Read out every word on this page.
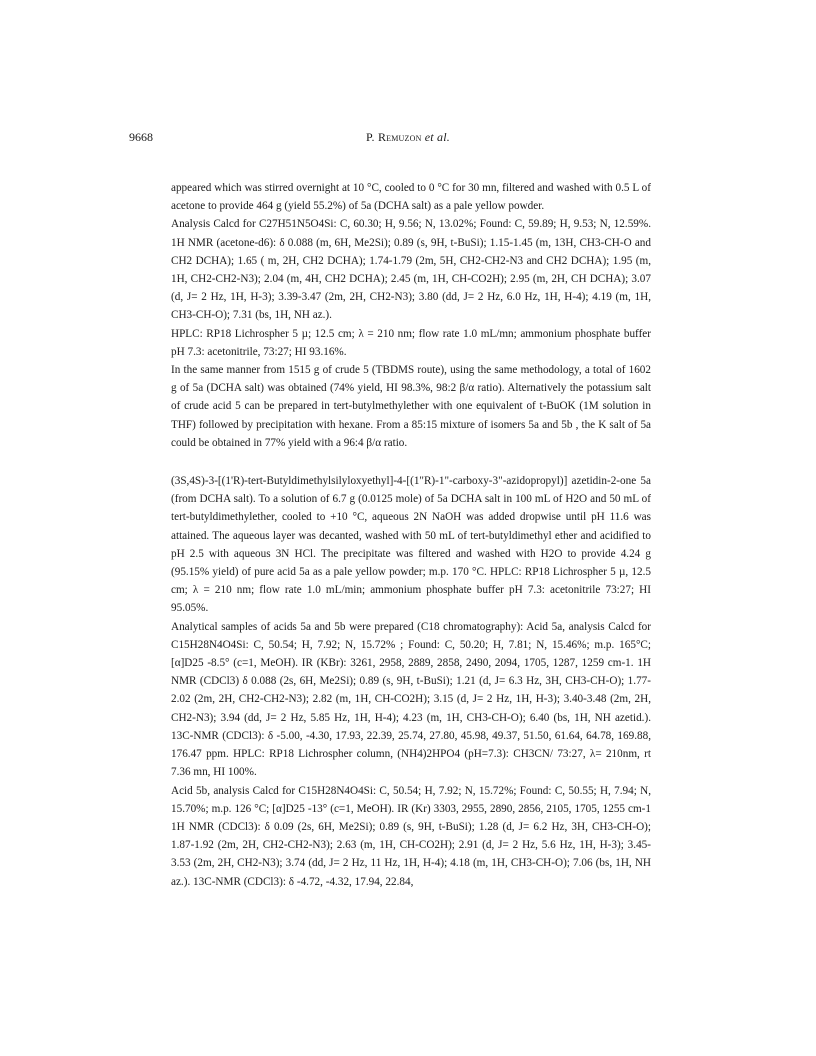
9668	P. Remuzon et al.

appeared which was stirred overnight at 10 °C, cooled to 0 °C for 30 mn, filtered and washed with 0.5 L of acetone to provide 464 g (yield 55.2%) of 5a (DCHA salt) as a pale yellow powder.

Analysis Calcd for C27H51N5O4Si: C, 60.30; H, 9.56; N, 13.02%; Found: C, 59.89; H, 9.53; N, 12.59%. 1H NMR (acetone-d6): δ 0.088 (m, 6H, Me2Si); 0.89 (s, 9H, t-BuSi); 1.15-1.45 (m, 13H, CH3-CH-O and CH2 DCHA); 1.65 ( m, 2H, CH2 DCHA); 1.74-1.79 (2m, 5H, CH2-CH2-N3 and CH2 DCHA); 1.95 (m, 1H, CH2-CH2-N3); 2.04 (m, 4H, CH2 DCHA); 2.45 (m, 1H, CH-CO2H); 2.95 (m, 2H, CH DCHA); 3.07 (d, J= 2 Hz, 1H, H-3); 3.39-3.47 (2m, 2H, CH2-N3); 3.80 (dd, J= 2 Hz, 6.0 Hz, 1H, H-4); 4.19 (m, 1H, CH3-CH-O); 7.31 (bs, 1H, NH az.).

HPLC: RP18 Lichrospher 5 µ; 12.5 cm; λ = 210 nm; flow rate 1.0 mL/mn; ammonium phosphate buffer pH 7.3: acetonitrile, 73:27; HI 93.16%.

In the same manner from 1515 g of crude 5 (TBDMS route), using the same methodology, a total of 1602 g of 5a (DCHA salt) was obtained (74% yield, HI 98.3%, 98:2 β/α ratio). Alternatively the potassium salt of crude acid 5 can be prepared in tert-butylmethylether with one equivalent of t-BuOK (1M solution in THF) followed by precipitation with hexane. From a 85:15 mixture of isomers 5a and 5b , the K salt of 5a could be obtained in 77% yield with a 96:4 β/α ratio.

(3S,4S)-3-[(1'R)-tert-Butyldimethylsilyloxyethyl]-4-[(1"R)-1"-carboxy-3"-azidopropyl)] azetidin-2-one 5a (from DCHA salt). To a solution of 6.7 g (0.0125 mole) of 5a DCHA salt in 100 mL of H2O and 50 mL of tert-butyldimethylether, cooled to +10 °C, aqueous 2N NaOH was added dropwise until pH 11.6 was attained. The aqueous layer was decanted, washed with 50 mL of tert-butyldimethyl ether and acidified to pH 2.5 with aqueous 3N HCl. The precipitate was filtered and washed with H2O to provide 4.24 g (95.15% yield) of pure acid 5a as a pale yellow powder; m.p. 170 °C. HPLC: RP18 Lichrospher 5 µ, 12.5 cm; λ = 210 nm; flow rate 1.0 mL/min; ammonium phosphate buffer pH 7.3: acetonitrile 73:27; HI 95.05%.

Analytical samples of acids 5a and 5b were prepared (C18 chromatography): Acid 5a, analysis Calcd for C15H28N4O4Si: C, 50.54; H, 7.92; N, 15.72% ; Found: C, 50.20; H, 7.81; N, 15.46%; m.p. 165°C; [α]D25 -8.5° (c=1, MeOH). IR (KBr): 3261, 2958, 2889, 2858, 2490, 2094, 1705, 1287, 1259 cm-1. 1H NMR (CDCl3) δ 0.088 (2s, 6H, Me2Si); 0.89 (s, 9H, t-BuSi); 1.21 (d, J= 6.3 Hz, 3H, CH3-CH-O); 1.77-2.02 (2m, 2H, CH2-CH2-N3); 2.82 (m, 1H, CH-CO2H); 3.15 (d, J= 2 Hz, 1H, H-3); 3.40-3.48 (2m, 2H, CH2-N3); 3.94 (dd, J= 2 Hz, 5.85 Hz, 1H, H-4); 4.23 (m, 1H, CH3-CH-O); 6.40 (bs, 1H, NH azetid.). 13C-NMR (CDCl3): δ -5.00, -4.30, 17.93, 22.39, 25.74, 27.80, 45.98, 49.37, 51.50, 61.64, 64.78, 169.88, 176.47 ppm. HPLC: RP18 Lichrospher column, (NH4)2HPO4 (pH=7.3): CH3CN/ 73:27, λ= 210nm, rt 7.36 mn, HI 100%.

Acid 5b, analysis Calcd for C15H28N4O4Si: C, 50.54; H, 7.92; N, 15.72%; Found: C, 50.55; H, 7.94; N, 15.70%; m.p. 126 °C; [α]D25 -13° (c=1, MeOH). IR (Kr) 3303, 2955, 2890, 2856, 2105, 1705, 1255 cm-1 1H NMR (CDCl3): δ 0.09 (2s, 6H, Me2Si); 0.89 (s, 9H, t-BuSi); 1.28 (d, J= 6.2 Hz, 3H, CH3-CH-O); 1.87-1.92 (2m, 2H, CH2-CH2-N3); 2.63 (m, 1H, CH-CO2H); 2.91 (d, J= 2 Hz, 5.6 Hz, 1H, H-3); 3.45-3.53 (2m, 2H, CH2-N3); 3.74 (dd, J= 2 Hz, 11 Hz, 1H, H-4); 4.18 (m, 1H, CH3-CH-O); 7.06 (bs, 1H, NH az.). 13C-NMR (CDCl3): δ -4.72, -4.32, 17.94, 22.84,
